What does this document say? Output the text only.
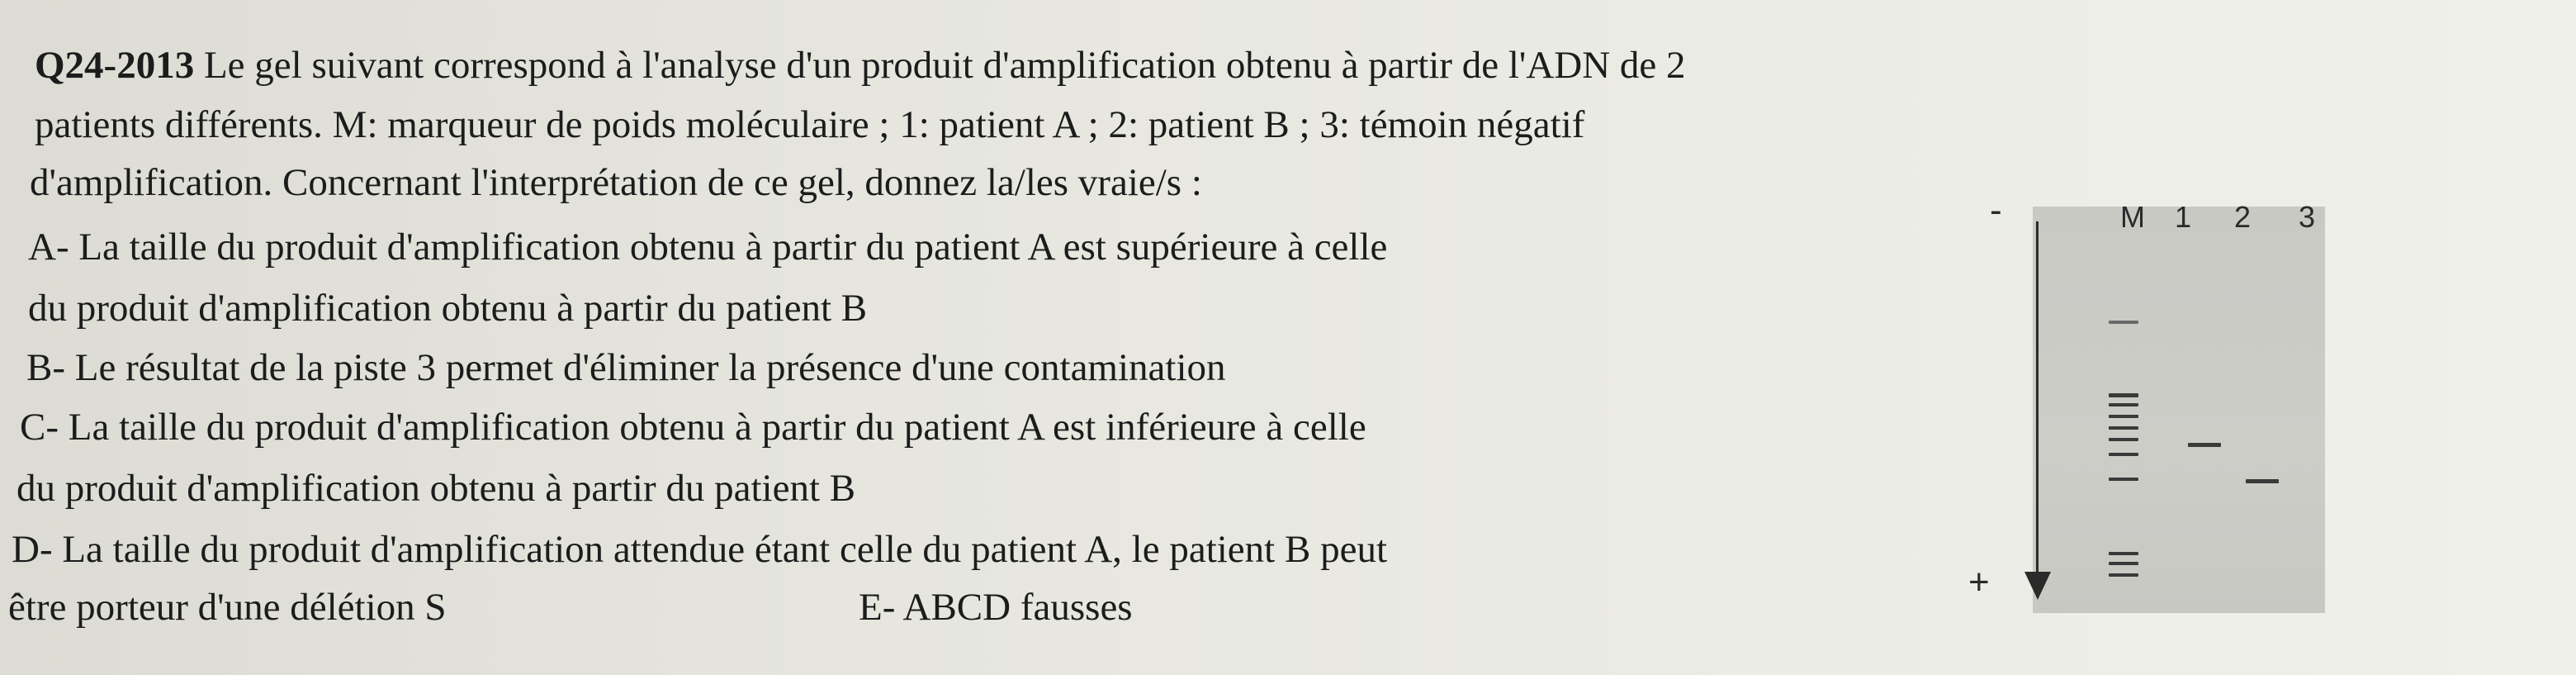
Q24-2013 Le gel suivant correspond à l'analyse d'un produit d'amplification obtenu à partir de l'ADN de 2
patients différents. M: marqueur de poids moléculaire ; 1: patient A ; 2: patient B ; 3: témoin négatif
d'amplification. Concernant l'interprétation de ce gel, donnez la/les vraie/s :
A- La taille du produit d'amplification obtenu à partir du patient A est supérieure à celle
du produit d'amplification obtenu à partir du patient B
B- Le résultat de la piste 3 permet d'éliminer la présence d'une contamination
C- La taille du produit d'amplification obtenu à partir du patient A est inférieure à celle
du produit d'amplification obtenu à partir du patient B
D- La taille du produit d'amplification attendue étant celle du patient A, le patient B peut
être porteur d'une délétion S	E- ABCD fausses
M 1 2 3
-
+
